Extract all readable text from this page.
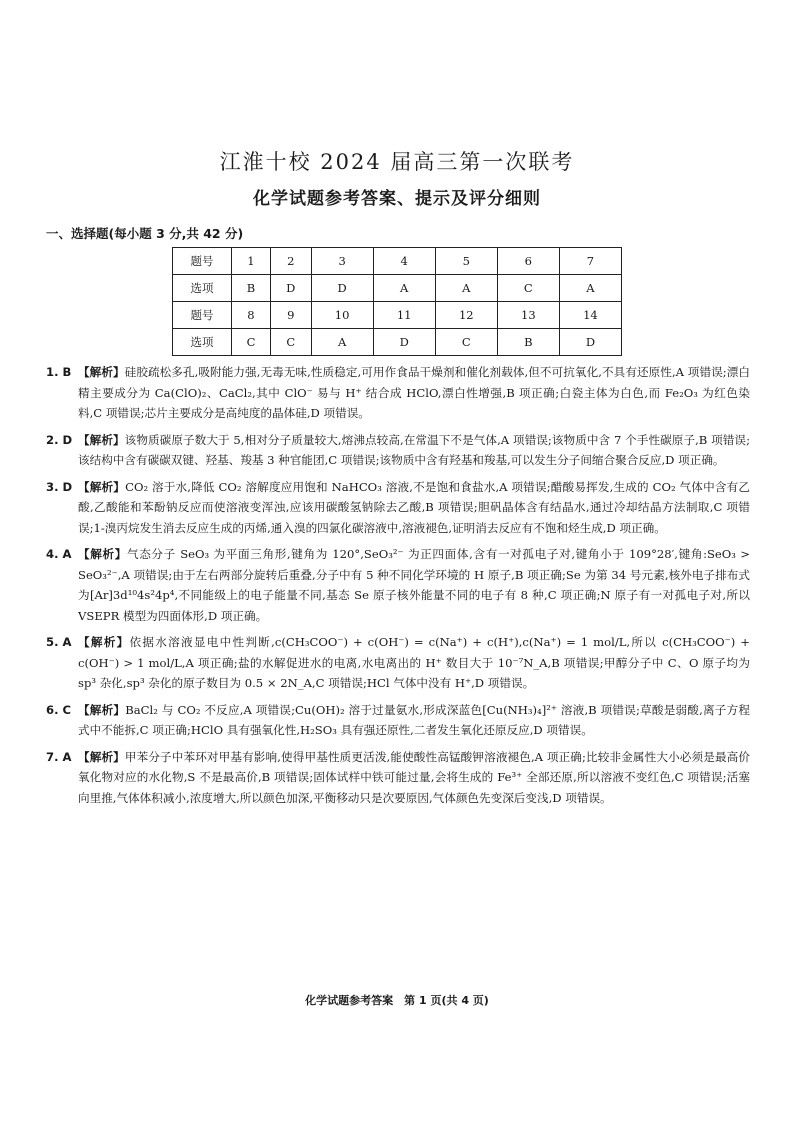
江淮十校 2024 届高三第一次联考
化学试题参考答案、提示及评分细则
一、选择题(每小题 3 分,共 42 分)
题号	1	2	3	4	5	6	7
选项	B	D	D	A	A	C	A
题号	8	9	10	11	12	13	14
选项	C	C	A	D	C	B	D
1. B 【解析】硅胶疏松多孔,吸附能力强,无毒无味,性质稳定,可用作食品干燥剂和催化剂载体,但不可抗氧化,不具有还原性,A 项错误;漂白精主要成分为 Ca(ClO)₂、CaCl₂,其中 ClO⁻ 易与 H⁺ 结合成 HClO,漂白性增强,B 项正确;白瓷主体为白色,而 Fe₂O₃ 为红色染料,C 项错误;芯片主要成分是高纯度的晶体硅,D 项错误。
2. D 【解析】该物质碳原子数大于 5,相对分子质量较大,熔沸点较高,在常温下不是气体,A 项错误;该物质中含 7 个手性碳原子,B 项错误;该结构中含有碳碳双键、羟基、羧基 3 种官能团,C 项错误;该物质中含有羟基和羧基,可以发生分子间缩合聚合反应,D 项正确。
3. D 【解析】CO₂ 溶于水,降低 CO₂ 溶解度应用饱和 NaHCO₃ 溶液,不是饱和食盐水,A 项错误;醋酸易挥发,生成的 CO₂ 气体中含有乙酸,乙酸能和苯酚钠反应而使溶液变浑浊,应该用碳酸氢钠除去乙酸,B 项错误;胆矾晶体含有结晶水,通过冷却结晶方法制取,C 项错误;1-溴丙烷发生消去反应生成的丙烯,通入溴的四氯化碳溶液中,溶液褪色,证明消去反应有不饱和烃生成,D 项正确。
4. A 【解析】气态分子 SeO₃ 为平面三角形,键角为 120°,SeO₃²⁻ 为正四面体,含有一对孤电子对,键角小于 109°28′,键角:SeO₃ > SeO₃²⁻,A 项错误;由于左右两部分旋转后重叠,分子中有 5 种不同化学环境的 H 原子,B 项正确;Se 为第 34 号元素,核外电子排布式为[Ar]3d¹⁰4s²4p⁴,不同能级上的电子能量不同,基态 Se 原子核外能量不同的电子有 8 种,C 项正确;N 原子有一对孤电子对,所以 VSEPR 模型为四面体形,D 项正确。
5. A 【解析】依据水溶液显电中性判断,c(CH₃COO⁻) + c(OH⁻) = c(Na⁺) + c(H⁺),c(Na⁺) = 1 mol/L,所以 c(CH₃COO⁻) + c(OH⁻) > 1 mol/L,A 项正确;盐的水解促进水的电离,水电离出的 H⁺ 数目大于 10⁻⁷N_A,B 项错误;甲醇分子中 C、O 原子均为 sp³ 杂化,sp³ 杂化的原子数目为 0.5 × 2N_A,C 项错误;HCl 气体中没有 H⁺,D 项错误。
6. C 【解析】BaCl₂ 与 CO₂ 不反应,A 项错误;Cu(OH)₂ 溶于过量氨水,形成深蓝色[Cu(NH₃)₄]²⁺ 溶液,B 项错误;草酸是弱酸,离子方程式中不能拆,C 项正确;HClO 具有强氧化性,H₂SO₃ 具有强还原性,二者发生氧化还原反应,D 项错误。
7. A 【解析】甲苯分子中苯环对甲基有影响,使得甲基性质更活泼,能使酸性高锰酸钾溶液褪色,A 项正确;比较非金属性大小必须是最高价氧化物对应的水化物,S 不是最高价,B 项错误;固体试样中铁可能过量,会将生成的 Fe³⁺ 全部还原,所以溶液不变红色,C 项错误;活塞向里推,气体体积减小,浓度增大,所以颜色加深,平衡移动只是次要原因,气体颜色先变深后变浅,D 项错误。
化学试题参考答案　第 1 页(共 4 页)
